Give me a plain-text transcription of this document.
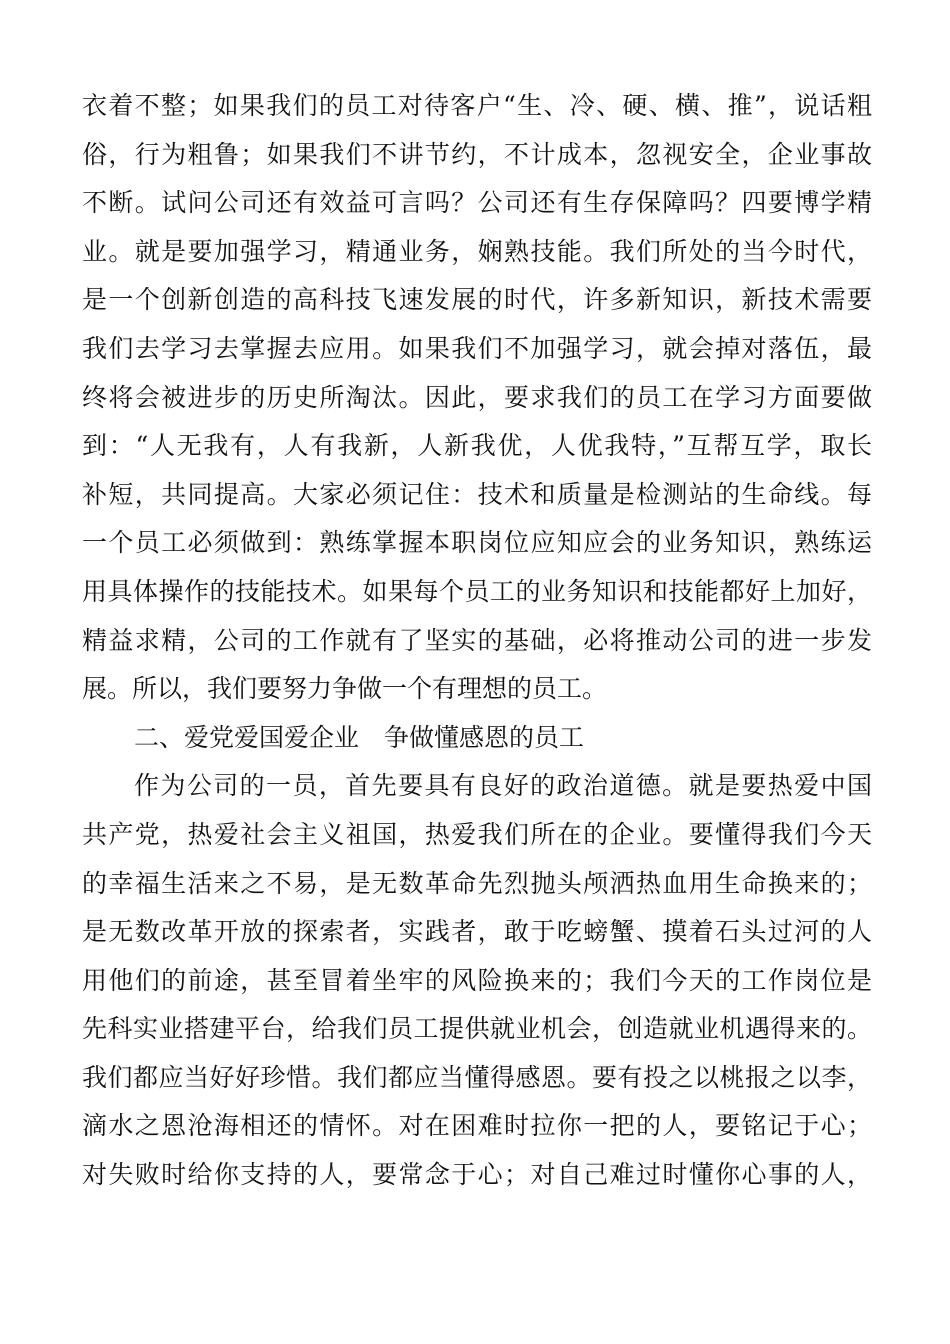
衣着不整；如果我们的员工对待客户“生、冷、硬、横、推”，说话粗
俗，行为粗鲁；如果我们不讲节约，不计成本，忽视安全，企业事故
不断。试问公司还有效益可言吗？公司还有生存保障吗？四要博学精
业。就是要加强学习，精通业务，娴熟技能。我们所处的当今时代，
是一个创新创造的高科技飞速发展的时代，许多新知识，新技术需要
我们去学习去掌握去应用。如果我们不加强学习，就会掉对落伍，最
终将会被进步的历史所淘汰。因此，要求我们的员工在学习方面要做
到：“人无我有，人有我新，人新我优，人优我特，”互帮互学，取长
补短，共同提高。大家必须记住：技术和质量是检测站的生命线。每
一个员工必须做到：熟练掌握本职岗位应知应会的业务知识，熟练运
用具体操作的技能技术。如果每个员工的业务知识和技能都好上加好，
精益求精，公司的工作就有了坚实的基础，必将推动公司的进一步发
展。所以，我们要努力争做一个有理想的员工。
二、爱党爱国爱企业　争做懂感恩的员工
作为公司的一员，首先要具有良好的政治道德。就是要热爱中国
共产党，热爱社会主义祖国，热爱我们所在的企业。要懂得我们今天
的幸福生活来之不易，是无数革命先烈抛头颅洒热血用生命换来的；
是无数改革开放的探索者，实践者，敢于吃螃蟹、摸着石头过河的人
用他们的前途，甚至冒着坐牢的风险换来的；我们今天的工作岗位是
先科实业搭建平台，给我们员工提供就业机会，创造就业机遇得来的。
我们都应当好好珍惜。我们都应当懂得感恩。要有投之以桃报之以李，
滴水之恩沧海相还的情怀。对在困难时拉你一把的人，要铭记于心；
对失败时给你支持的人，要常念于心；对自己难过时懂你心事的人，
